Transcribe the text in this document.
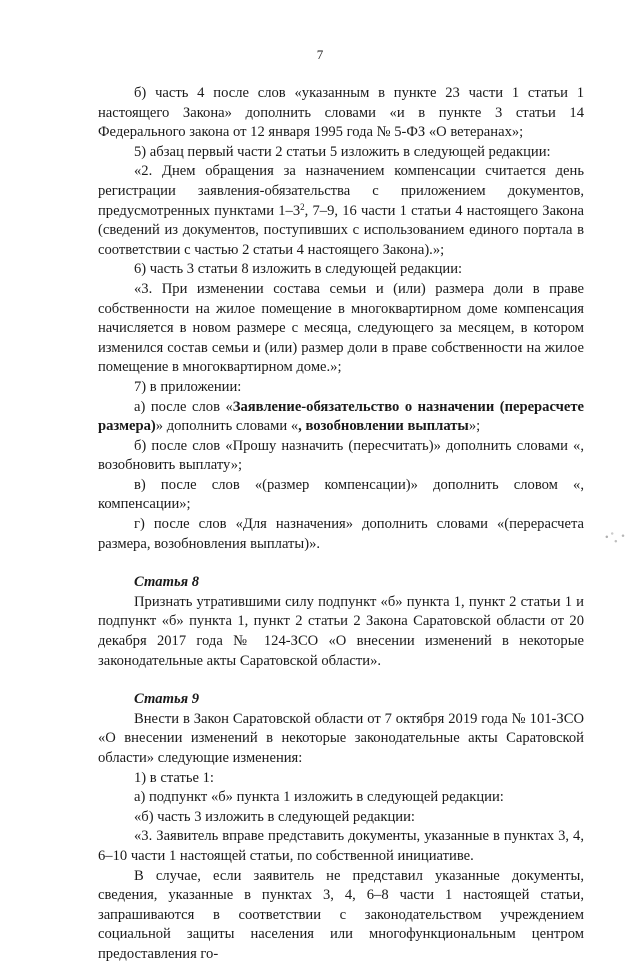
7

б) часть 4 после слов «указанным в пункте 23 части 1 статьи 1 настоящего Закона» дополнить словами «и в пункте 3 статьи 14 Федерального закона от 12 января 1995 года № 5-ФЗ «О ветеранах»;

5) абзац первый части 2 статьи 5 изложить в следующей редакции:

«2. Днем обращения за назначением компенсации считается день регистрации заявления-обязательства с приложением документов, предусмотренных пунктами $1-3^2$, 7–9, 16 части 1 статьи 4 настоящего Закона (сведений из документов, поступивших с использованием единого портала в соответствии с частью 2 статьи 4 настоящего Закона).»;

6) часть 3 статьи 8 изложить в следующей редакции:

«3. При изменении состава семьи и (или) размера доли в праве собственности на жилое помещение в многоквартирном доме компенсация начисляется в новом размере с месяца, следующего за месяцем, в котором изменился состав семьи и (или) размер доли в праве собственности на жилое помещение в многоквартирном доме.»;

7) в приложении:

а) после слов «Заявление-обязательство о назначении (перерасчете размера)» дополнить словами «, возобновлении выплаты»;

б) после слов «Прошу назначить (пересчитать)» дополнить словами «, возобновить выплату»;

в) после слов «(размер компенсации)» дополнить словом «, компенсации»;

г) после слов «Для назначения» дополнить словами «(перерасчета размера, возобновления выплаты)».

Статья 8

Признать утратившими силу подпункт «б» пункта 1, пункт 2 статьи 1 и подпункт «б» пункта 1, пункт 2 статьи 2 Закона Саратовской области от 20 декабря 2017 года № 124-ЗСО «О внесении изменений в некоторые законодательные акты Саратовской области».

Статья 9

Внести в Закон Саратовской области от 7 октября 2019 года № 101-ЗСО «О внесении изменений в некоторые законодательные акты Саратовской области» следующие изменения:

1) в статье 1:

а) подпункт «б» пункта 1 изложить в следующей редакции:

«б) часть 3 изложить в следующей редакции:

«3. Заявитель вправе представить документы, указанные в пунктах 3, 4, 6–10 части 1 настоящей статьи, по собственной инициативе.

В случае, если заявитель не представил указанные документы, сведения, указанные в пунктах 3, 4, 6–8 части 1 настоящей статьи, запрашиваются в соответствии с законодательством учреждением социальной защиты населения или многофункциональным центром предоставления го-
